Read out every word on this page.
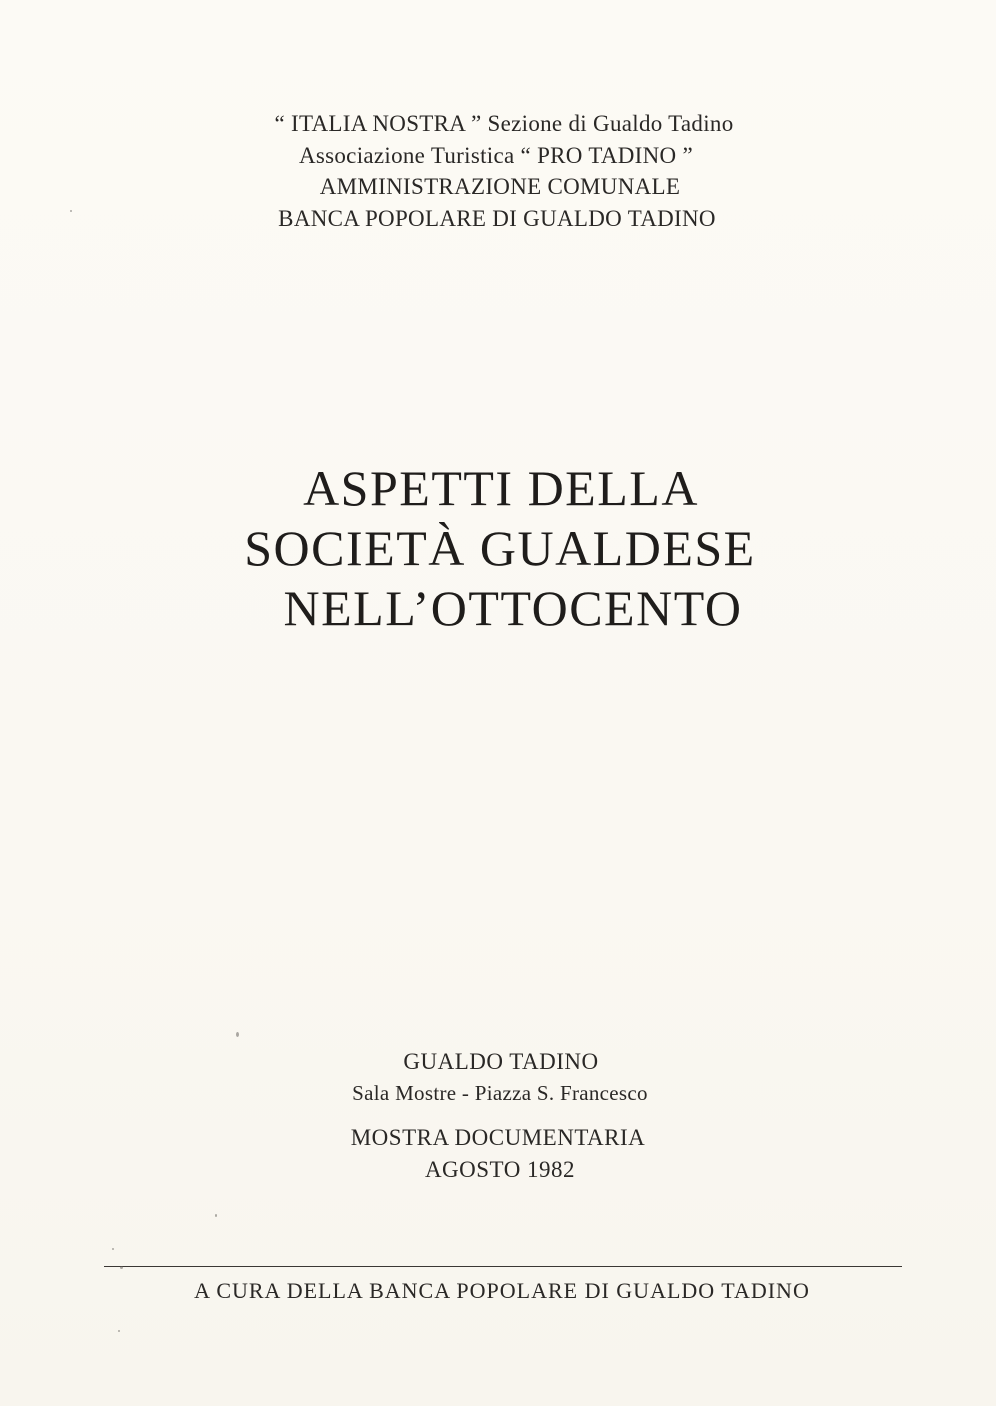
“ ITALIA NOSTRA ” Sezione di Gualdo Tadino
Associazione Turistica “ PRO TADINO ”
AMMINISTRAZIONE COMUNALE
BANCA POPOLARE DI GUALDO TADINO
ASPETTI DELLA
SOCIETÀ GUALDESE
NELL’OTTOCENTO
GUALDO TADINO
Sala Mostre - Piazza S. Francesco
MOSTRA DOCUMENTARIA
AGOSTO 1982
A CURA DELLA BANCA POPOLARE DI GUALDO TADINO
